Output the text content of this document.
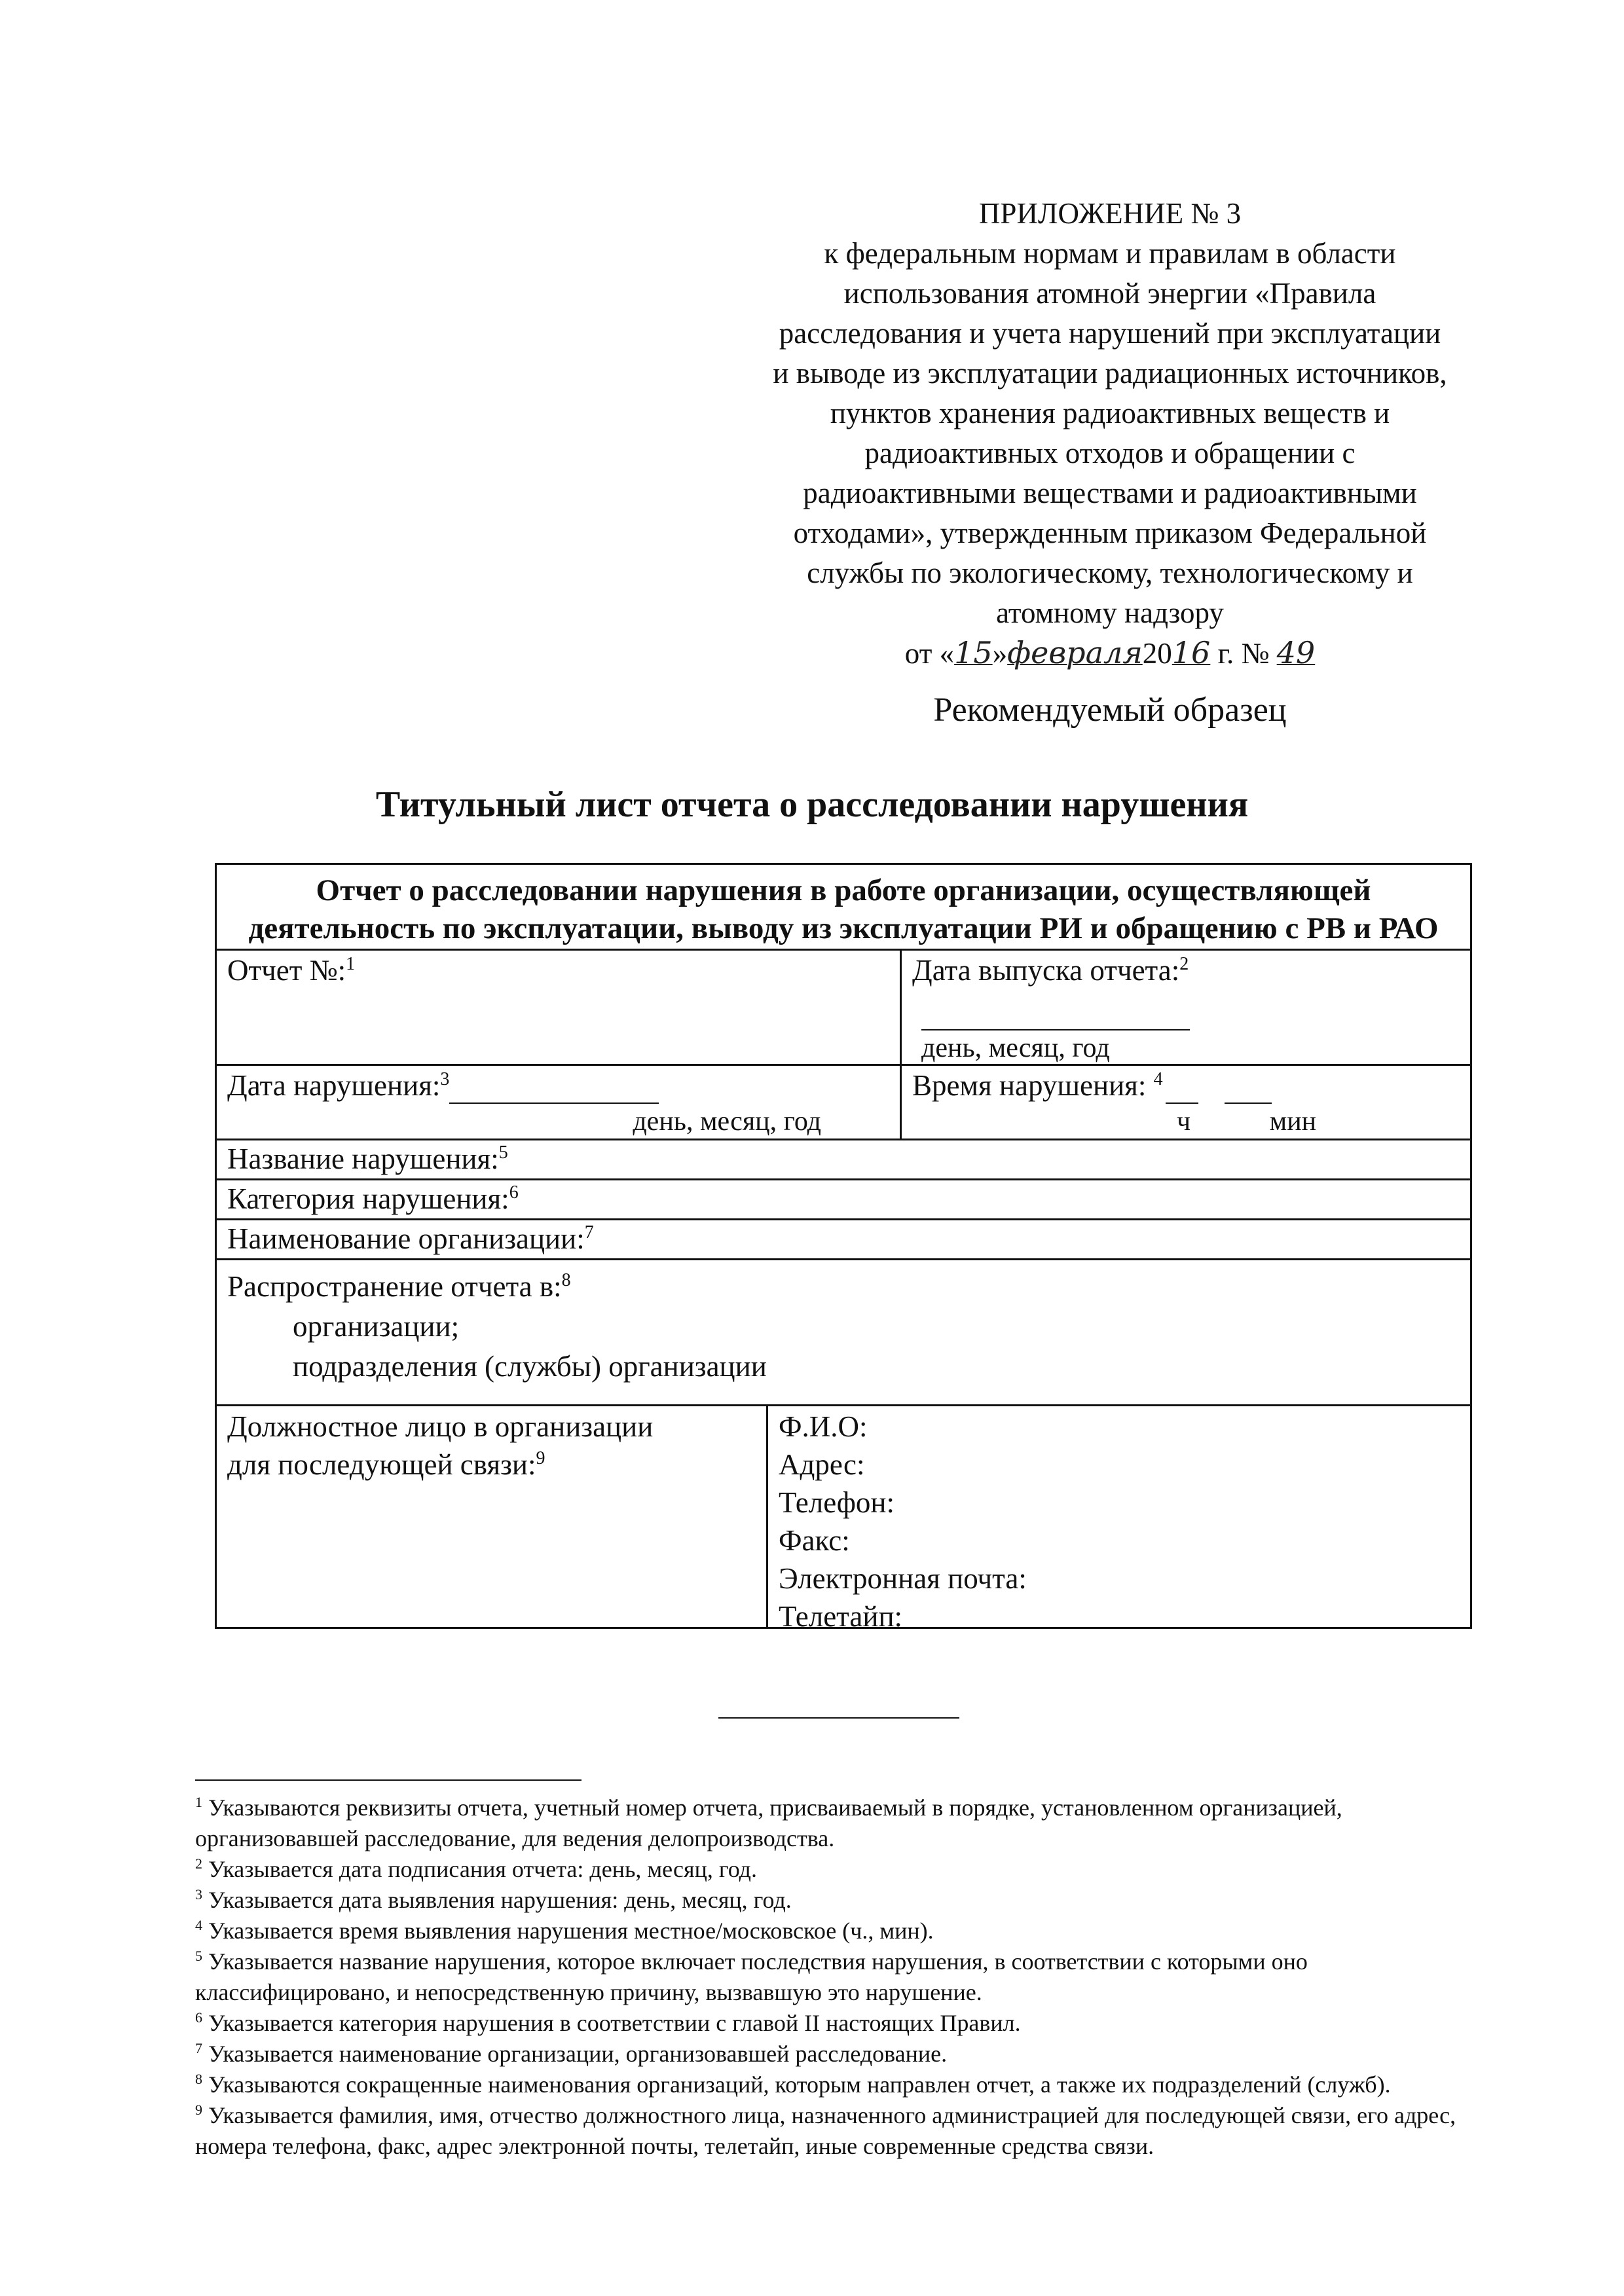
ПРИЛОЖЕНИЕ № 3
к федеральным нормам и правилам в области
использования атомной энергии «Правила
расследования и учета нарушений при эксплуатации
и выводе из эксплуатации радиационных источников,
пунктов хранения радиоактивных веществ и
радиоактивных отходов и обращении с
радиоактивными веществами и радиоактивными
отходами», утвержденным приказом Федеральной
службы по экологическому, технологическому и
атомному надзору
от «15»февраля2016 г. № 49
Рекомендуемый образец
Титульный лист отчета о расследовании нарушения
Отчет о расследовании нарушения в работе организации, осуществляющей деятельность по эксплуатации, выводу из эксплуатации РИ и обращению с РВ и РАО
Отчет №:$^1$	Дата выпуска отчета:$^2$
день, месяц, год
Дата нарушения:$^3$
день, месяц, год
Время нарушения: $^4$
ч	мин
Название нарушения:$^5$
Категория нарушения:$^6$
Наименование организации:$^7$
Распространение отчета в:$^8$
организации;
подразделения (службы) организации
Должностное лицо в организации
для последующей связи:$^9$
Ф.И.О:
Адрес:
Телефон:
Факс:
Электронная почта:
Телетайп:

$^1$ Указываются реквизиты отчета, учетный номер отчета, присваиваемый в порядке, установленном организацией, организовавшей расследование, для ведения делопроизводства.

$^2$ Указывается дата подписания отчета: день, месяц, год.

$^3$ Указывается дата выявления нарушения: день, месяц, год.

$^4$ Указывается время выявления нарушения местное/московское (ч., мин).

$^5$ Указывается название нарушения, которое включает последствия нарушения, в соответствии с которыми оно классифицировано, и непосредственную причину, вызвавшую это нарушение.

$^6$ Указывается категория нарушения в соответствии с главой II настоящих Правил.

$^7$ Указывается наименование организации, организовавшей расследование.

$^8$ Указываются сокращенные наименования организаций, которым направлен отчет, а также их подразделений (служб).

$^9$ Указывается фамилия, имя, отчество должностного лица, назначенного администрацией для последующей связи, его адрес, номера телефона, факс, адрес электронной почты, телетайп, иные современные средства связи.
